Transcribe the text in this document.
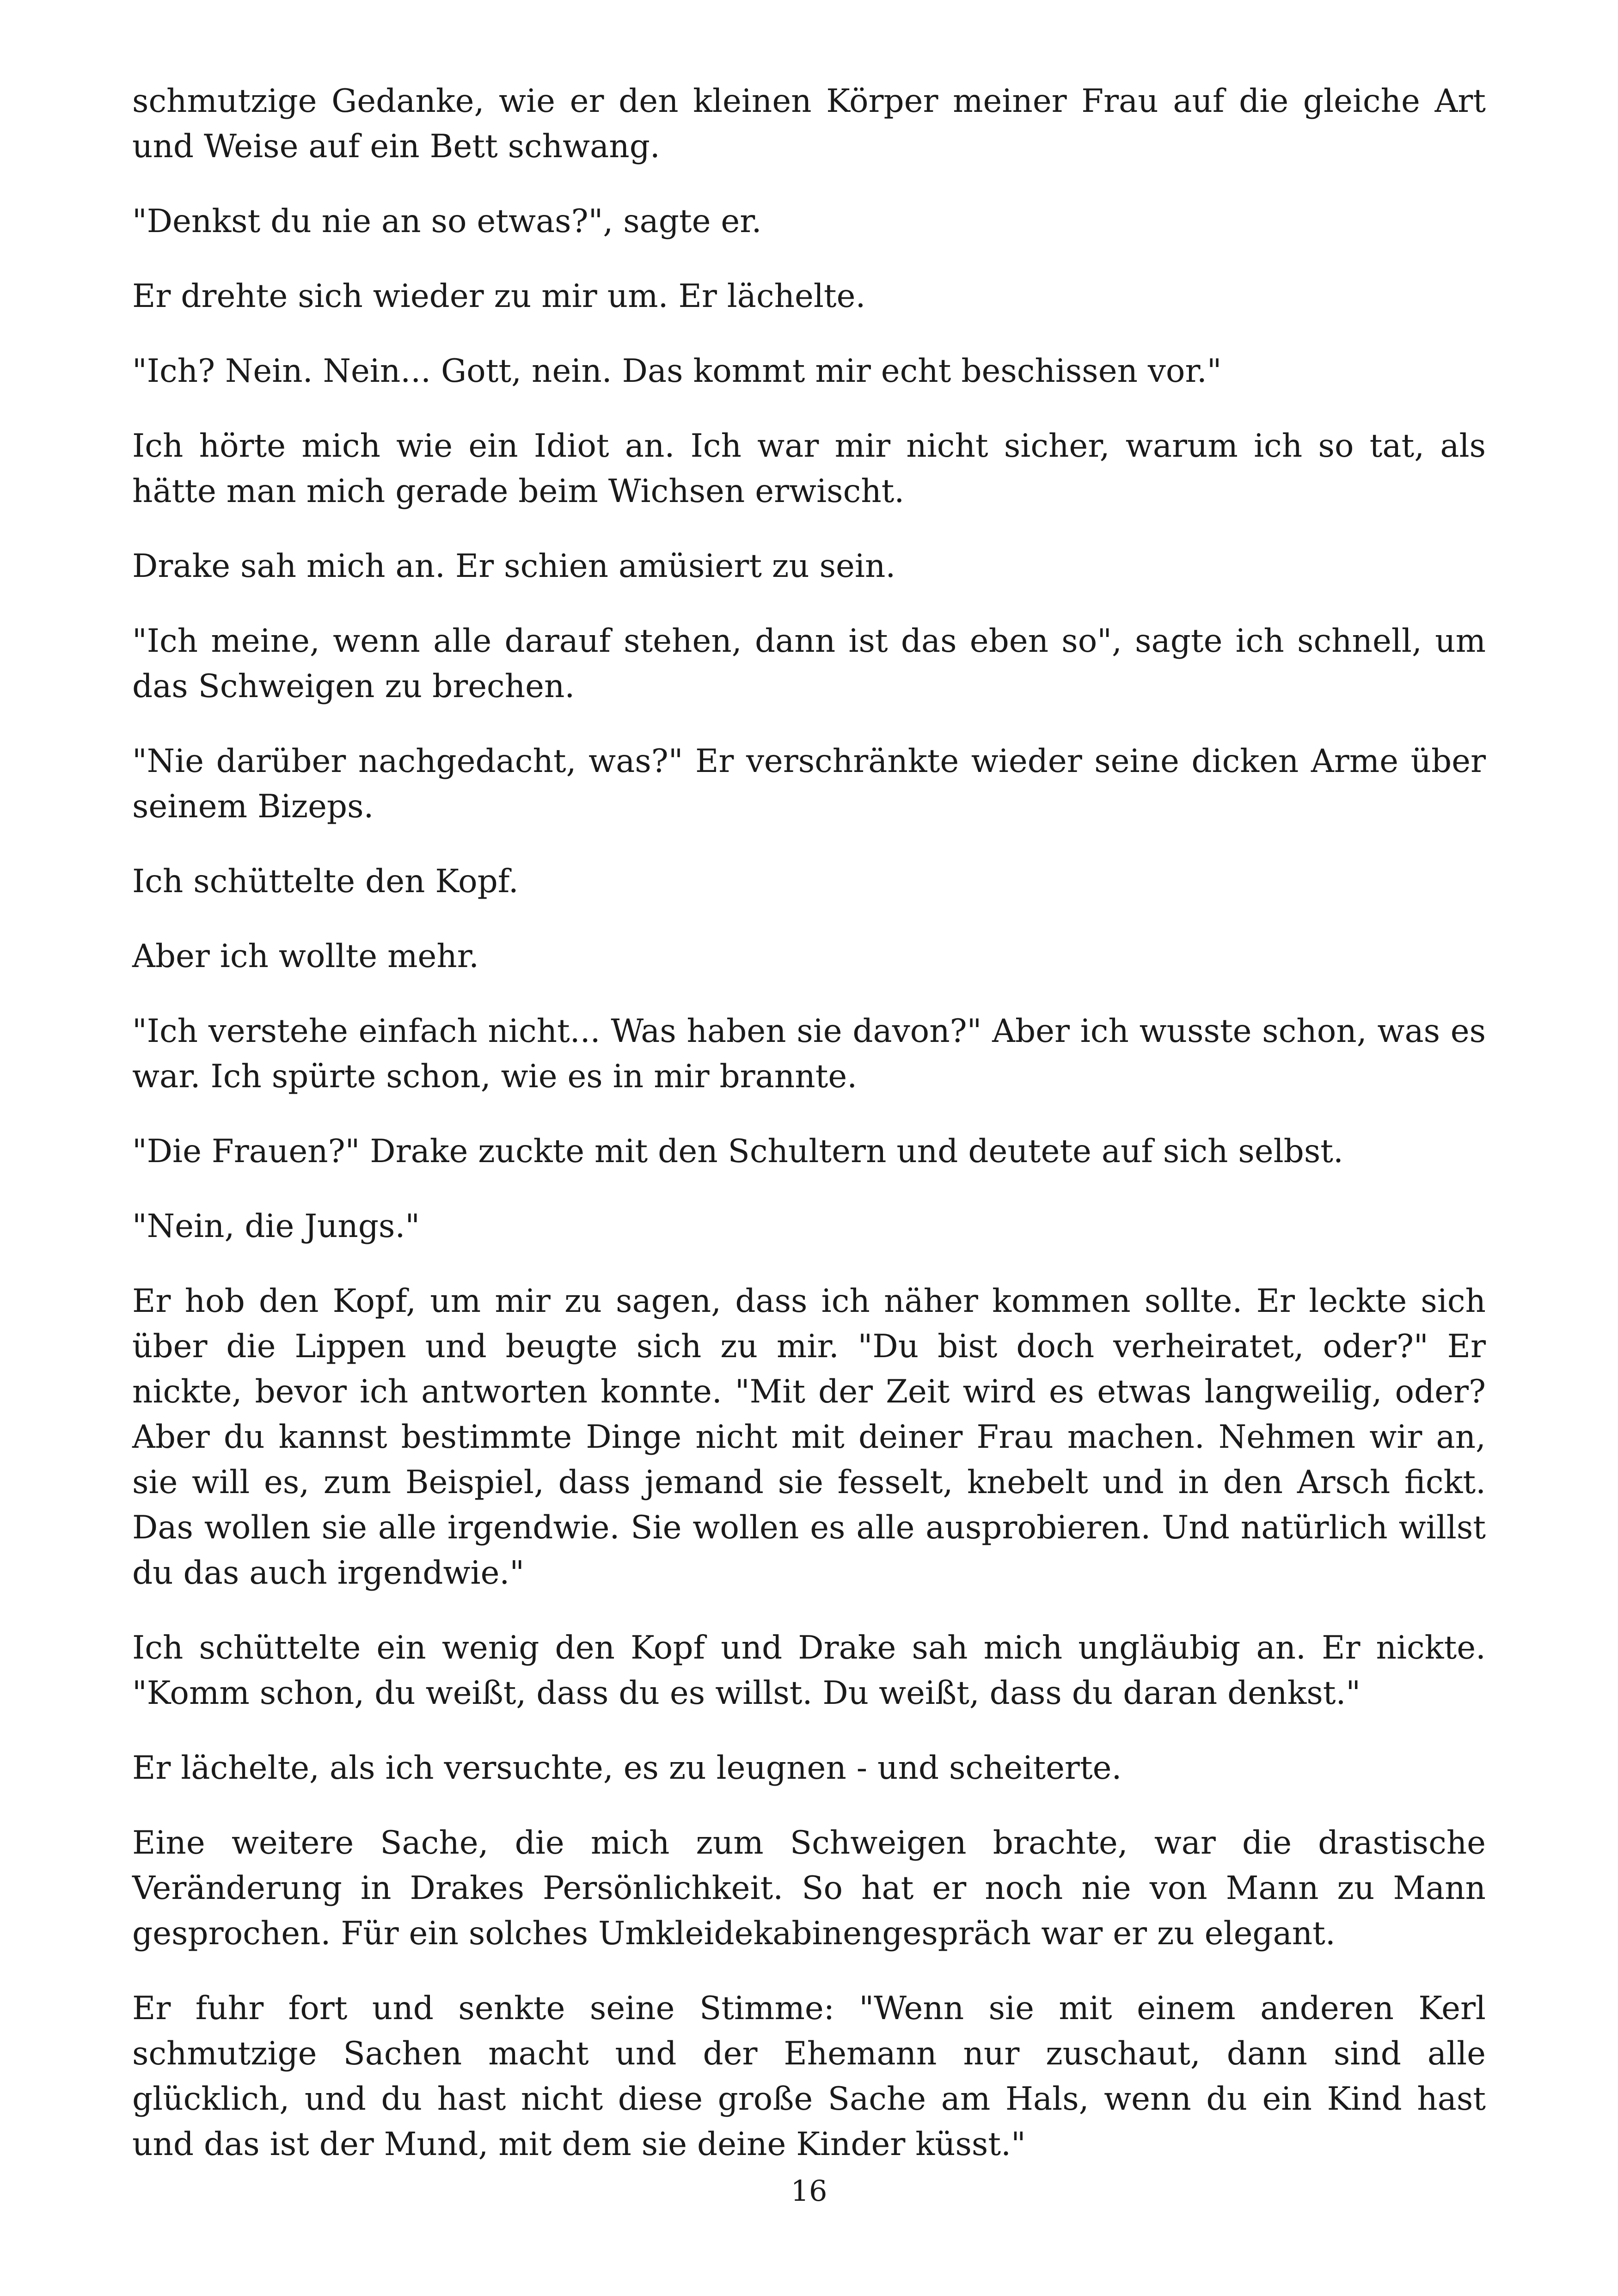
schmutzige Gedanke, wie er den kleinen Körper meiner Frau auf die gleiche Art und Weise auf ein Bett schwang.

"Denkst du nie an so etwas?", sagte er.

Er drehte sich wieder zu mir um. Er lächelte.

"Ich? Nein. Nein... Gott, nein. Das kommt mir echt beschissen vor."

Ich hörte mich wie ein Idiot an. Ich war mir nicht sicher, warum ich so tat, als hätte man mich gerade beim Wichsen erwischt.

Drake sah mich an. Er schien amüsiert zu sein.

"Ich meine, wenn alle darauf stehen, dann ist das eben so", sagte ich schnell, um das Schweigen zu brechen.

"Nie darüber nachgedacht, was?" Er verschränkte wieder seine dicken Arme über seinem Bizeps.

Ich schüttelte den Kopf.

Aber ich wollte mehr.

"Ich verstehe einfach nicht... Was haben sie davon?" Aber ich wusste schon, was es war. Ich spürte schon, wie es in mir brannte.

"Die Frauen?" Drake zuckte mit den Schultern und deutete auf sich selbst.

"Nein, die Jungs."

Er hob den Kopf, um mir zu sagen, dass ich näher kommen sollte. Er leckte sich über die Lippen und beugte sich zu mir. "Du bist doch verheiratet, oder?" Er nickte, bevor ich antworten konnte. "Mit der Zeit wird es etwas langweilig, oder? Aber du kannst bestimmte Dinge nicht mit deiner Frau machen. Nehmen wir an, sie will es, zum Beispiel, dass jemand sie fesselt, knebelt und in den Arsch fickt. Das wollen sie alle irgendwie. Sie wollen es alle ausprobieren. Und natürlich willst du das auch irgendwie."

Ich schüttelte ein wenig den Kopf und Drake sah mich ungläubig an. Er nickte. "Komm schon, du weißt, dass du es willst. Du weißt, dass du daran denkst."

Er lächelte, als ich versuchte, es zu leugnen - und scheiterte.

Eine weitere Sache, die mich zum Schweigen brachte, war die drastische Veränderung in Drakes Persönlichkeit. So hat er noch nie von Mann zu Mann gesprochen. Für ein solches Umkleidekabinengespräch war er zu elegant.

Er fuhr fort und senkte seine Stimme: "Wenn sie mit einem anderen Kerl schmutzige Sachen macht und der Ehemann nur zuschaut, dann sind alle glücklich, und du hast nicht diese große Sache am Hals, wenn du ein Kind hast und das ist der Mund, mit dem sie deine Kinder küsst."

16
